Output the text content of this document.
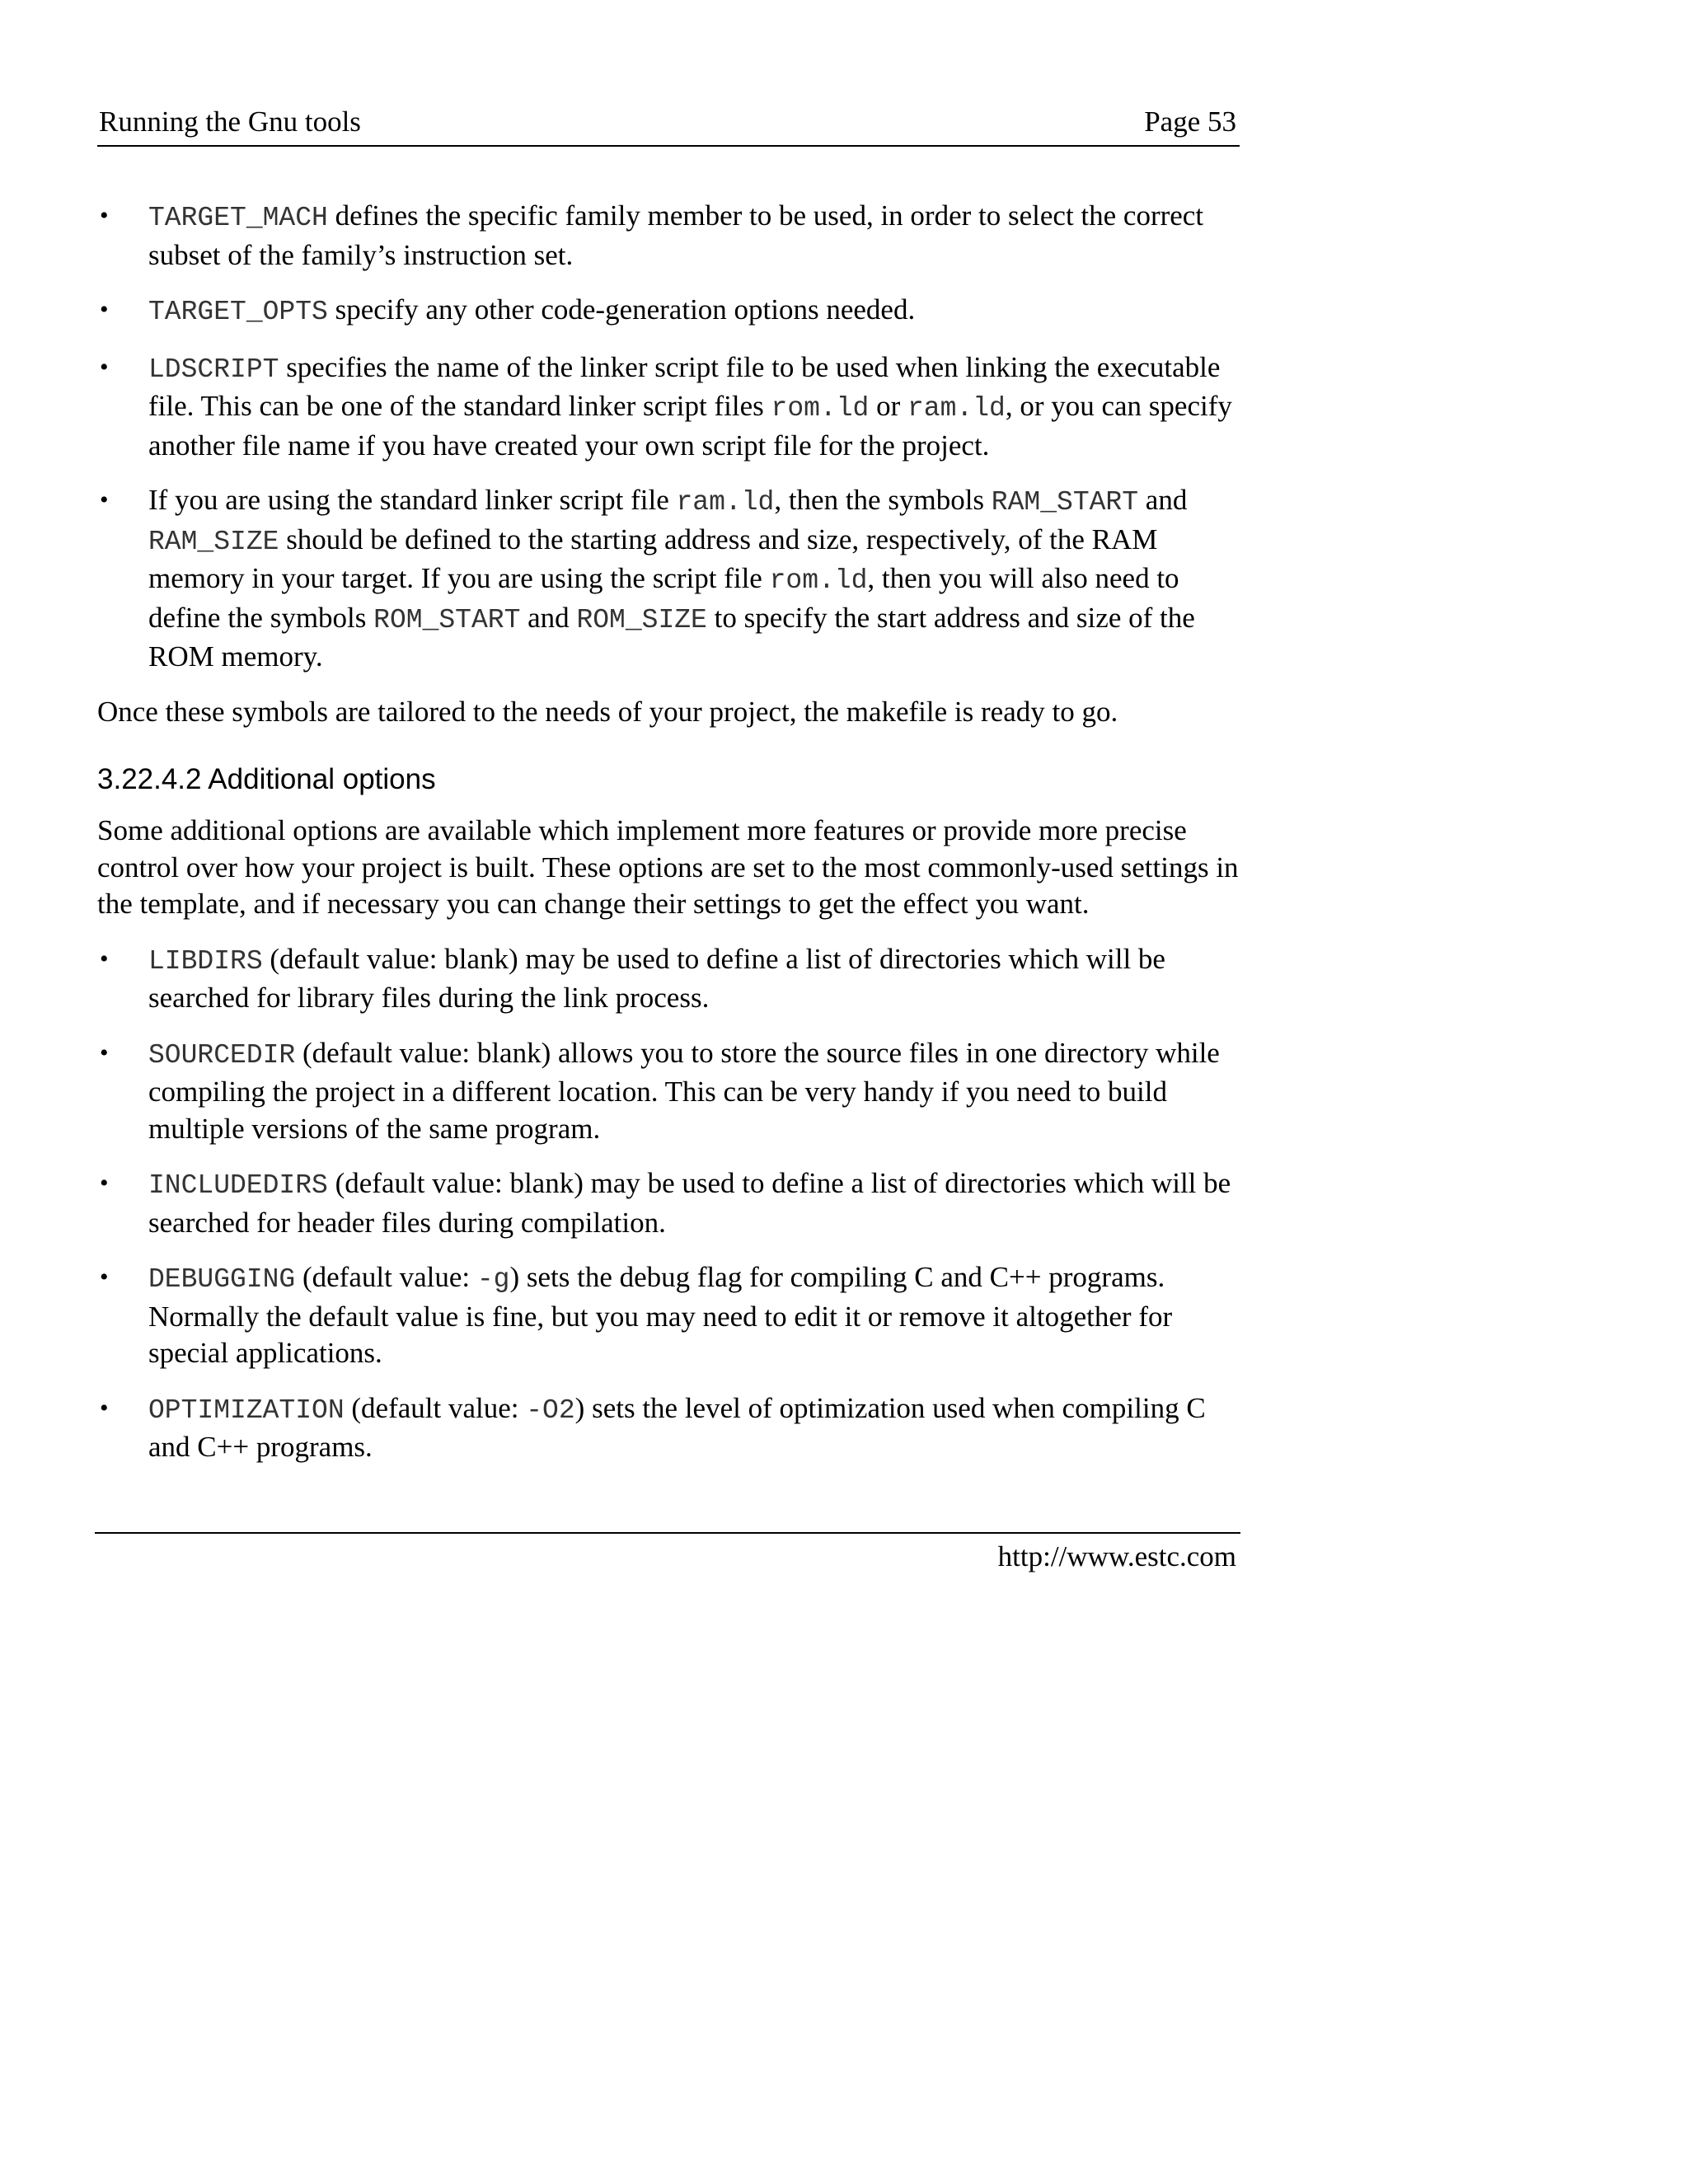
Running the Gnu tools	Page 53
• TARGET_MACH defines the specific family member to be used, in order to select the correct subset of the family’s instruction set.
• TARGET_OPTS specify any other code-generation options needed.
• LDSCRIPT specifies the name of the linker script file to be used when linking the executable file. This can be one of the standard linker script files rom.ld or ram.ld, or you can specify another file name if you have created your own script file for the project.
• If you are using the standard linker script file ram.ld, then the symbols RAM_START and RAM_SIZE should be defined to the starting address and size, respectively, of the RAM memory in your target. If you are using the script file rom.ld, then you will also need to define the symbols ROM_START and ROM_SIZE to specify the start address and size of the ROM memory.

Once these symbols are tailored to the needs of your project, the makefile is ready to go.

3.22.4.2 Additional options

Some additional options are available which implement more features or provide more precise control over how your project is built. These options are set to the most commonly-used settings in the template, and if necessary you can change their settings to get the effect you want.

• LIBDIRS (default value: blank) may be used to define a list of directories which will be searched for library files during the link process.
• SOURCEDIR (default value: blank) allows you to store the source files in one directory while compiling the project in a different location. This can be very handy if you need to build multiple versions of the same program.
• INCLUDEDIRS (default value: blank) may be used to define a list of directories which will be searched for header files during compilation.
• DEBUGGING (default value: -g) sets the debug flag for compiling C and C++ programs. Normally the default value is fine, but you may need to edit it or remove it altogether for special applications.
• OPTIMIZATION (default value: -O2) sets the level of optimization used when compiling C and C++ programs.
http://www.estc.com
